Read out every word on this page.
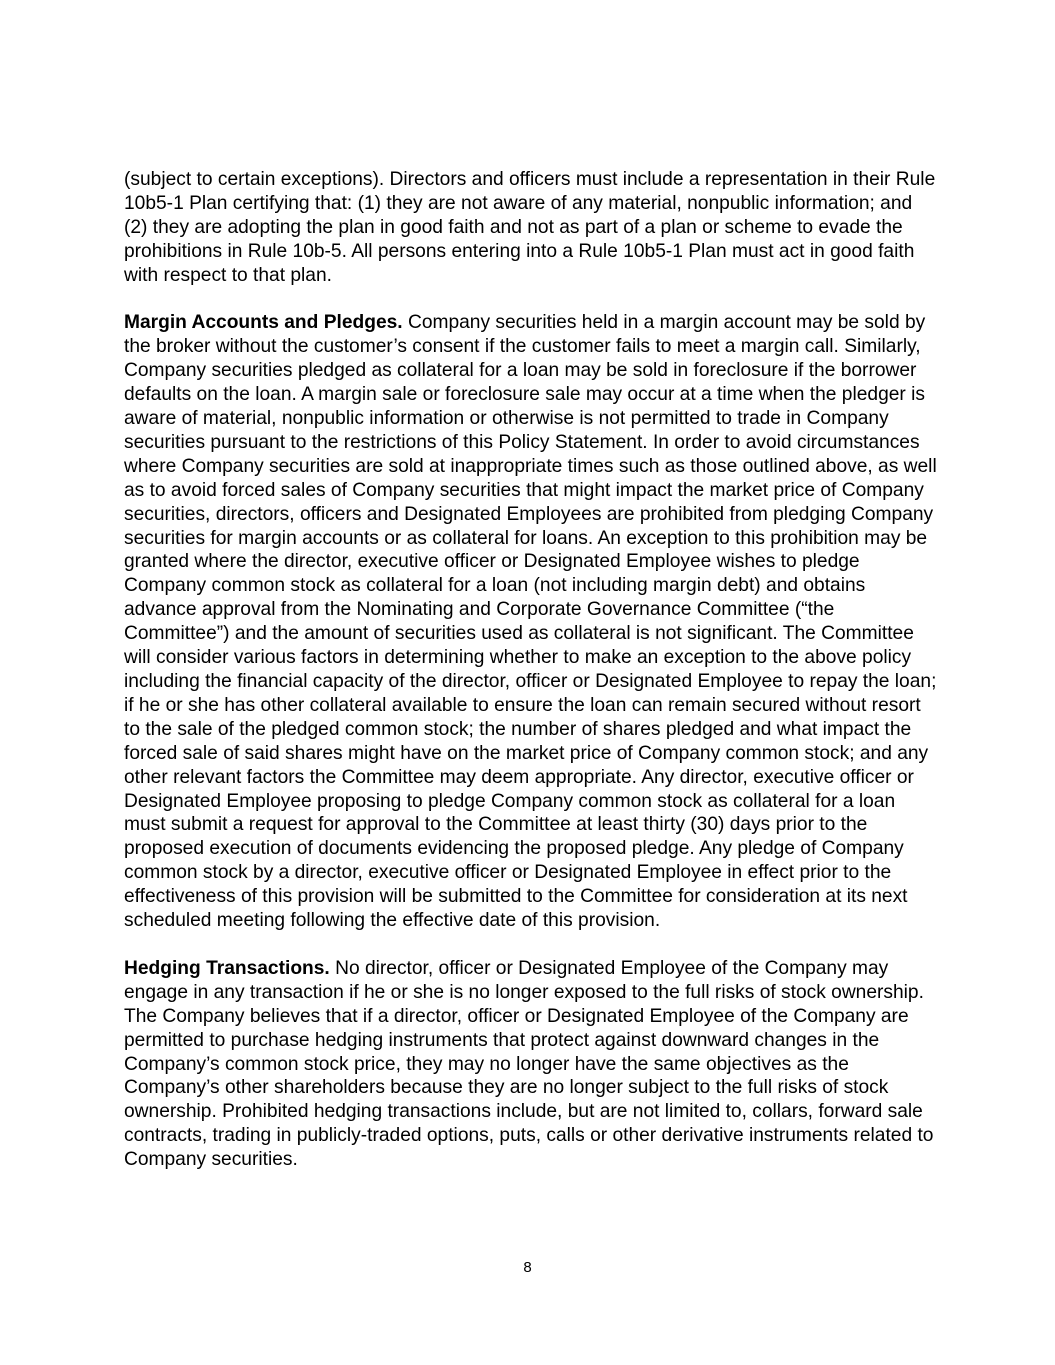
(subject to certain exceptions). Directors and officers must include a representation in their Rule 10b5-1 Plan certifying that: (1) they are not aware of any material, nonpublic information; and (2) they are adopting the plan in good faith and not as part of a plan or scheme to evade the prohibitions in Rule 10b-5. All persons entering into a Rule 10b5-1 Plan must act in good faith with respect to that plan.

Margin Accounts and Pledges. Company securities held in a margin account may be sold by the broker without the customer’s consent if the customer fails to meet a margin call. Similarly, Company securities pledged as collateral for a loan may be sold in foreclosure if the borrower defaults on the loan. A margin sale or foreclosure sale may occur at a time when the pledger is aware of material, nonpublic information or otherwise is not permitted to trade in Company securities pursuant to the restrictions of this Policy Statement. In order to avoid circumstances where Company securities are sold at inappropriate times such as those outlined above, as well as to avoid forced sales of Company securities that might impact the market price of Company securities, directors, officers and Designated Employees are prohibited from pledging Company securities for margin accounts or as collateral for loans. An exception to this prohibition may be granted where the director, executive officer or Designated Employee wishes to pledge Company common stock as collateral for a loan (not including margin debt) and obtains advance approval from the Nominating and Corporate Governance Committee (“the Committee”) and the amount of securities used as collateral is not significant. The Committee will consider various factors in determining whether to make an exception to the above policy including the financial capacity of the director, officer or Designated Employee to repay the loan; if he or she has other collateral available to ensure the loan can remain secured without resort to the sale of the pledged common stock; the number of shares pledged and what impact the forced sale of said shares might have on the market price of Company common stock; and any other relevant factors the Committee may deem appropriate. Any director, executive officer or Designated Employee proposing to pledge Company common stock as collateral for a loan must submit a request for approval to the Committee at least thirty (30) days prior to the proposed execution of documents evidencing the proposed pledge. Any pledge of Company common stock by a director, executive officer or Designated Employee in effect prior to the effectiveness of this provision will be submitted to the Committee for consideration at its next scheduled meeting following the effective date of this provision.

Hedging Transactions. No director, officer or Designated Employee of the Company may engage in any transaction if he or she is no longer exposed to the full risks of stock ownership. The Company believes that if a director, officer or Designated Employee of the Company are permitted to purchase hedging instruments that protect against downward changes in the Company’s common stock price, they may no longer have the same objectives as the Company’s other shareholders because they are no longer subject to the full risks of stock ownership. Prohibited hedging transactions include, but are not limited to, collars, forward sale contracts, trading in publicly-traded options, puts, calls or other derivative instruments related to Company securities.

8
